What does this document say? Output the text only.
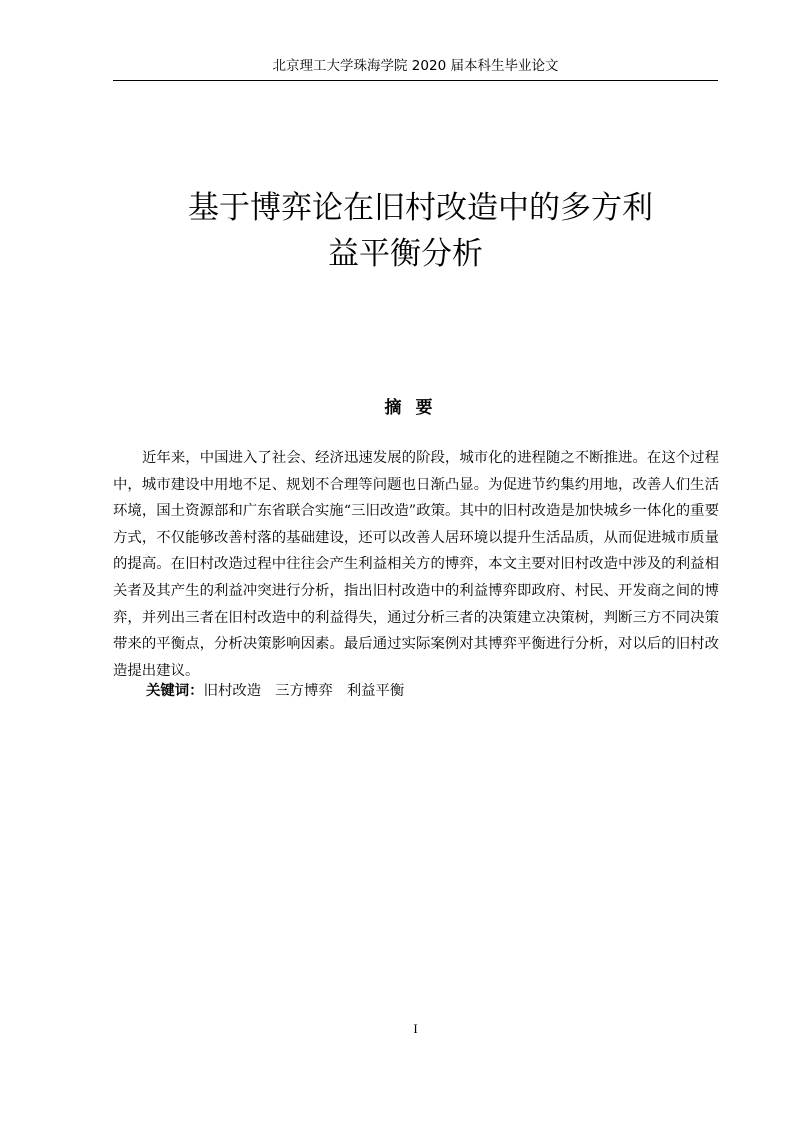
北京理工大学珠海学院 2020 届本科生毕业论文
基于博弈论在旧村改造中的多方利
益平衡分析
摘要

近年来，中国进入了社会、经济迅速发展的阶段，城市化的进程随之不断推进。在这个过程中，城市建设中用地不足、规划不合理等问题也日渐凸显。为促进节约集约用地，改善人们生活环境，国土资源部和广东省联合实施“三旧改造”政策。其中的旧村改造是加快城乡一体化的重要方式，不仅能够改善村落的基础建设，还可以改善人居环境以提升生活品质，从而促进城市质量的提高。在旧村改造过程中往往会产生利益相关方的博弈，本文主要对旧村改造中涉及的利益相关者及其产生的利益冲突进行分析，指出旧村改造中的利益博弈即政府、村民、开发商之间的博弈，并列出三者在旧村改造中的利益得失，通过分析三者的决策建立决策树，判断三方不同决策带来的平衡点，分析决策影响因素。最后通过实际案例对其博弈平衡进行分析，对以后的旧村改造提出建议。

关键词：旧村改造 三方博弈 利益平衡
I
